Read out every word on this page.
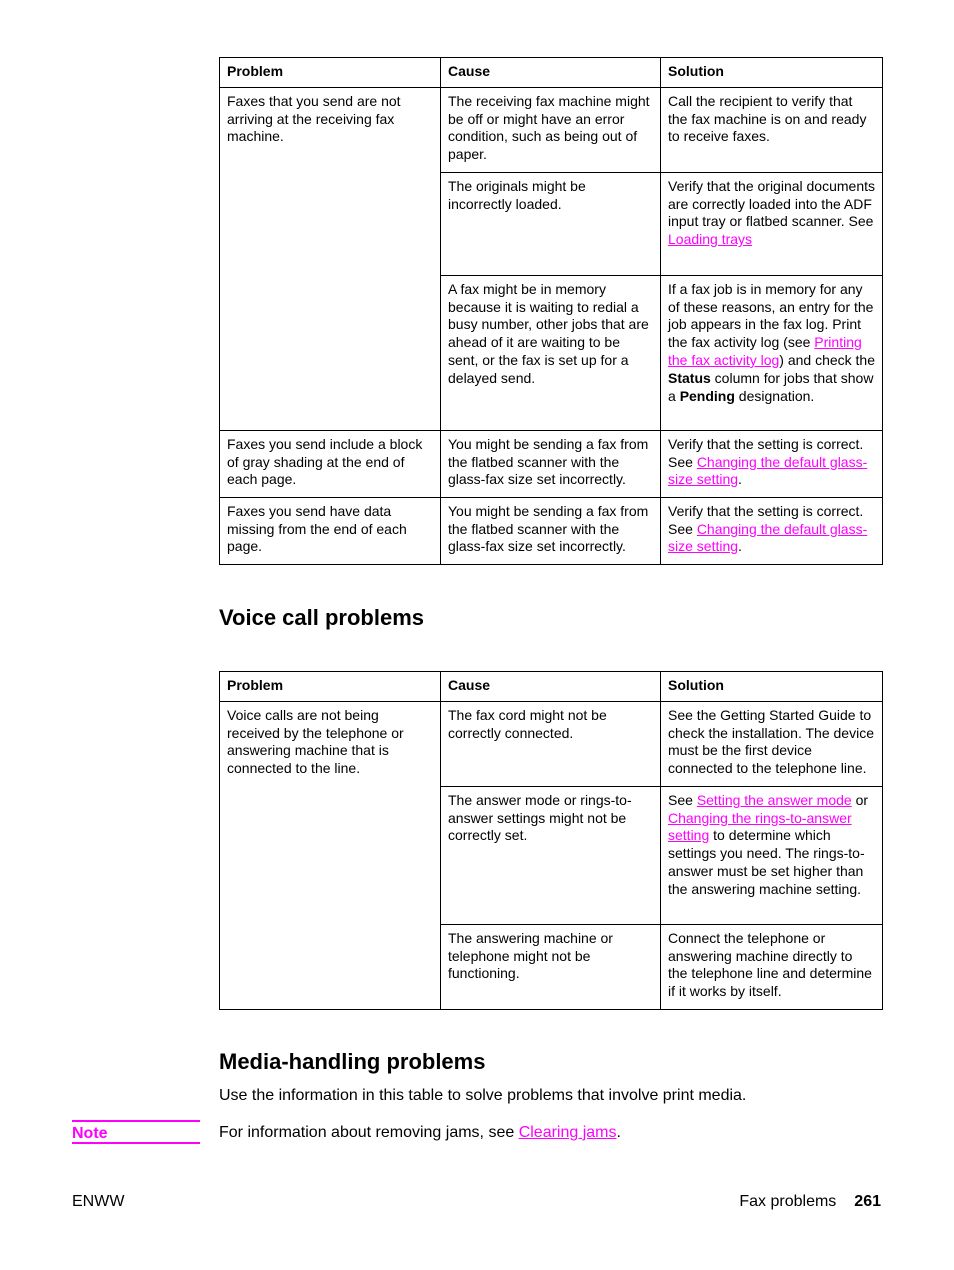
Problem	Cause	Solution
Faxes that you send are not arriving at the receiving fax machine.	The receiving fax machine might be off or might have an error condition, such as being out of paper.	Call the recipient to verify that the fax machine is on and ready to receive faxes.
	The originals might be incorrectly loaded.	Verify that the original documents are correctly loaded into the ADF input tray or flatbed scanner. See Loading trays
	A fax might be in memory because it is waiting to redial a busy number, other jobs that are ahead of it are waiting to be sent, or the fax is set up for a delayed send.	If a fax job is in memory for any of these reasons, an entry for the job appears in the fax log. Print the fax activity log (see Printing the fax activity log) and check the Status column for jobs that show a Pending designation.
Faxes you send include a block of gray shading at the end of each page.	You might be sending a fax from the flatbed scanner with the glass-fax size set incorrectly.	Verify that the setting is correct. See Changing the default glass-size setting.
Faxes you send have data missing from the end of each page.	You might be sending a fax from the flatbed scanner with the glass-fax size set incorrectly.	Verify that the setting is correct. See Changing the default glass-size setting.
Voice call problems
Problem	Cause	Solution
Voice calls are not being received by the telephone or answering machine that is connected to the line.	The fax cord might not be correctly connected.	See the Getting Started Guide to check the installation. The device must be the first device connected to the telephone line.
	The answer mode or rings-to-answer settings might not be correctly set.	See Setting the answer mode or Changing the rings-to-answer setting to determine which settings you need. The rings-to-answer must be set higher than the answering machine setting.
	The answering machine or telephone might not be functioning.	Connect the telephone or answering machine directly to the telephone line and determine if it works by itself.
Media-handling problems

Use the information in this table to solve problems that involve print media.

Note	For information about removing jams, see Clearing jams.

ENWW	Fax problems 261
